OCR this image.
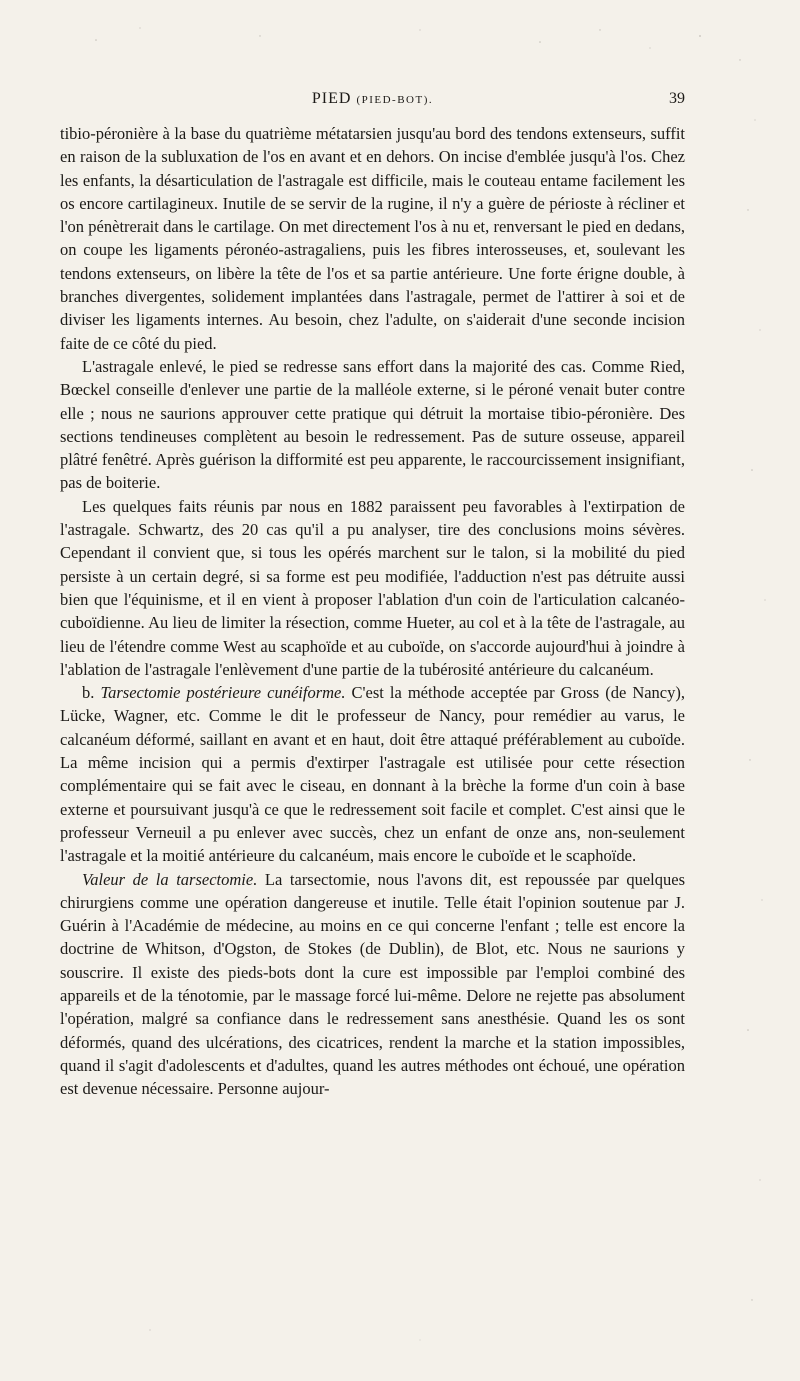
PIED (PIED-BOT).	39

tibio-péronière à la base du quatrième métatarsien jusqu'au bord des tendons extenseurs, suffit en raison de la subluxation de l'os en avant et en dehors. On incise d'emblée jusqu'à l'os. Chez les enfants, la désarticulation de l'astragale est difficile, mais le couteau entame facilement les os encore cartilagineux. Inutile de se servir de la rugine, il n'y a guère de périoste à récliner et l'on pénètrerait dans le cartilage. On met directement l'os à nu et, renversant le pied en dedans, on coupe les ligaments péronéo-astragaliens, puis les fibres interosseuses, et, soulevant les tendons extenseurs, on libère la tête de l'os et sa partie antérieure. Une forte érigne double, à branches divergentes, solidement implantées dans l'astragale, permet de l'attirer à soi et de diviser les ligaments internes. Au besoin, chez l'adulte, on s'aiderait d'une seconde incision faite de ce côté du pied.

L'astragale enlevé, le pied se redresse sans effort dans la majorité des cas. Comme Ried, Bœckel conseille d'enlever une partie de la malléole externe, si le péroné venait buter contre elle ; nous ne saurions approuver cette pratique qui détruit la mortaise tibio-péronière. Des sections tendineuses complètent au besoin le redressement. Pas de suture osseuse, appareil plâtré fenêtré. Après guérison la difformité est peu apparente, le raccourcissement insignifiant, pas de boiterie.

Les quelques faits réunis par nous en 1882 paraissent peu favorables à l'extirpation de l'astragale. Schwartz, des 20 cas qu'il a pu analyser, tire des conclusions moins sévères. Cependant il convient que, si tous les opérés marchent sur le talon, si la mobilité du pied persiste à un certain degré, si sa forme est peu modifiée, l'adduction n'est pas détruite aussi bien que l'équinisme, et il en vient à proposer l'ablation d'un coin de l'articulation calcanéo-cuboïdienne. Au lieu de limiter la résection, comme Hueter, au col et à la tête de l'astragale, au lieu de l'étendre comme West au scaphoïde et au cuboïde, on s'accorde aujourd'hui à joindre à l'ablation de l'astragale l'enlèvement d'une partie de la tubérosité antérieure du calcanéum.

b. Tarsectomie postérieure cunéiforme. C'est la méthode acceptée par Gross (de Nancy), Lücke, Wagner, etc. Comme le dit le professeur de Nancy, pour remédier au varus, le calcanéum déformé, saillant en avant et en haut, doit être attaqué préférablement au cuboïde. La même incision qui a permis d'extirper l'astragale est utilisée pour cette résection complémentaire qui se fait avec le ciseau, en donnant à la brèche la forme d'un coin à base externe et poursuivant jusqu'à ce que le redressement soit facile et complet. C'est ainsi que le professeur Verneuil a pu enlever avec succès, chez un enfant de onze ans, non-seulement l'astragale et la moitié antérieure du calcanéum, mais encore le cuboïde et le scaphoïde.

Valeur de la tarsectomie. La tarsectomie, nous l'avons dit, est repoussée par quelques chirurgiens comme une opération dangereuse et inutile. Telle était l'opinion soutenue par J. Guérin à l'Académie de médecine, au moins en ce qui concerne l'enfant ; telle est encore la doctrine de Whitson, d'Ogston, de Stokes (de Dublin), de Blot, etc. Nous ne saurions y souscrire. Il existe des pieds-bots dont la cure est impossible par l'emploi combiné des appareils et de la ténotomie, par le massage forcé lui-même. Delore ne rejette pas absolument l'opération, malgré sa confiance dans le redressement sans anesthésie. Quand les os sont déformés, quand des ulcérations, des cicatrices, rendent la marche et la station impossibles, quand il s'agit d'adolescents et d'adultes, quand les autres méthodes ont échoué, une opération est devenue nécessaire. Personne aujour-
